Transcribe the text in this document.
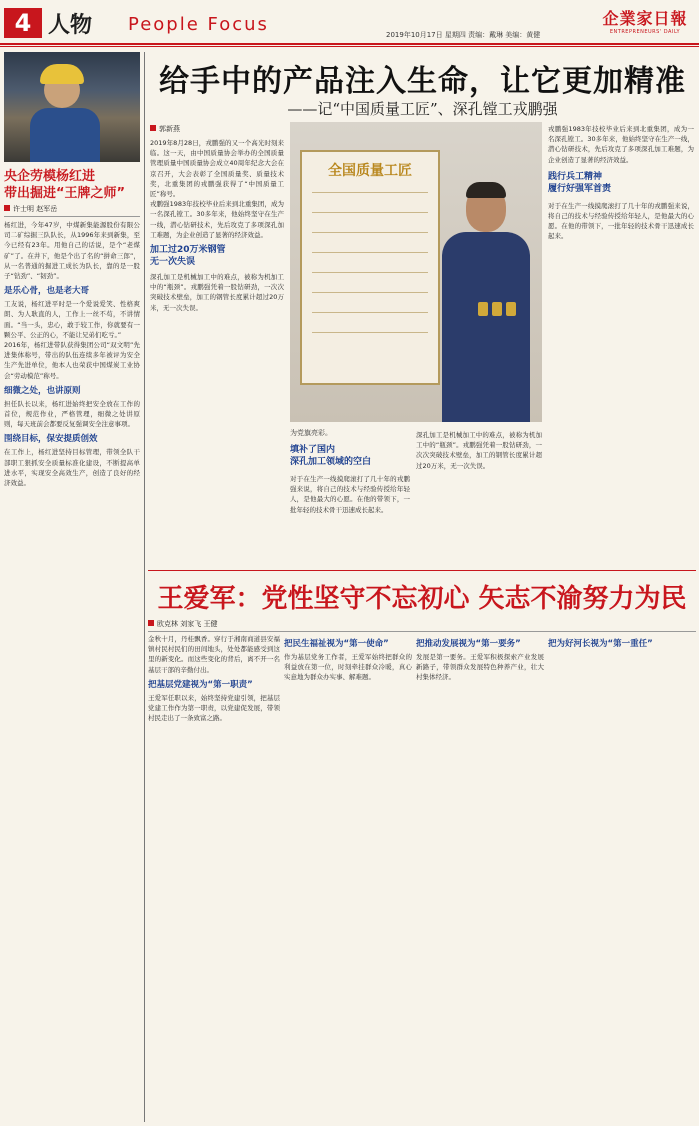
4 人物 People Focus	2019年10月17日 星期四 责编：戴琳 美编：黄健
企業家日報
ENTREPRENEURS' DAILY
央企劳模杨红进
带出掘进“王牌之师”
许士明 赵军岳

杨红进，今年47岁，中煤新集能源股份有限公司二矿综掘三队队长，从1996年来到新集，至今已经有23年。用他自己的话说，是个“老煤矿”了。在井下，他是个出了名的“拼命三郎”，从一名普通的掘进工成长为队长，靠的是一股子“钻劲”、“韧劲”。

是乐心骨，也是老大哥

工友说，杨红进平时是一个爱说爱笑、性格爽朗、为人耿直的人，工作上一丝不苟，不讲情面。“当一头，忠心，敢于较工作，你就要有一颗公平、公正的心，不能让兄弟们吃亏。”

2016年，杨红进带队获得集团公司“双文明”先进集体称号，带出的队伍连续多年被评为安全生产先进单位，他本人也荣获中国煤炭工业协会“劳动模范”称号。

细微之处，也讲原则

担任队长以来，杨红进始终把安全放在工作的首位，规范作业，严格管理，细微之处讲原则，每天班前会都要反复强调安全注意事项。

围绕目标，保安提质创效

在工作上，杨红进坚持目标管理，带领全队干部职工狠抓安全质量标准化建设，不断提高单进水平，实现安全高效生产，创造了良好的经济效益。

给手中的产品注入生命，让它更加精准
——记“中国质量工匠”、深孔镗工戎鹏强
郭新燕

2019年8月28日，戎鹏强的又一个高光时刻来临。这一天，由中国质量协会举办的全国质量管理质量中国质量协会成立40周年纪念大会在京召开，大会表彰了全国质量奖、质量技术奖，北重集团的戎鹏强获得了“中国质量工匠”称号。

戎鹏强1983年技校毕业后来到北重集团，成为一名深孔镗工。30多年来，他始终坚守在生产一线，潜心钻研技术，先后攻克了多项深孔加工难题，为企业创造了显著的经济效益。

加工过20万米钢管
无一次失误

深孔加工是机械加工中的难点，被称为机加工中的“瓶颈”。戎鹏强凭着一股钻研劲，一次次突破技术壁垒，加工的钢管长度累计超过20万米，无一次失误。

全国质量工匠
为党旗亮彩。
填补了国内
深孔加工领域的空白

对于在生产一线摸爬滚打了几十年的戎鹏强来说，将自己的技术与经验传授给年轻人，是他最大的心愿。在他的带领下，一批年轻的技术骨干迅速成长起来。

深孔加工是机械加工中的难点，被称为机加工中的“瓶颈”。戎鹏强凭着一股钻研劲，一次次突破技术壁垒，加工的钢管长度累计超过20万米，无一次失误。

戎鹏强1983年技校毕业后来到北重集团，成为一名深孔镗工。30多年来，他始终坚守在生产一线，潜心钻研技术，先后攻克了多项深孔加工难题，为企业创造了显著的经济效益。

践行兵工精神
履行好强军首责

对于在生产一线摸爬滚打了几十年的戎鹏强来说，将自己的技术与经验传授给年轻人，是他最大的心愿。在他的带领下，一批年轻的技术骨干迅速成长起来。

王爱军：党性坚守不忘初心 矢志不渝努力为民
欧克林 刘家飞 王健

金秋十月，丹桂飘香。穿行于湘南商道县安福镇村民村民们的田间地头，处处都能感受到这里的新变化。而这些变化的背后，离不开一名基层干部的辛勤付出。

把基层党建视为“第一职责”

王爱军任职以来，始终坚持党建引领，把基层党建工作作为第一职责，以党建促发展，带领村民走出了一条致富之路。

把民生福祉视为“第一使命”

作为基层党务工作者，王爱军始终把群众的利益放在第一位，时刻牵挂群众冷暖，真心实意地为群众办实事、解难题。

把推动发展视为“第一要务”

发展是第一要务。王爱军积极探索产业发展新路子，带领群众发展特色种养产业，壮大村集体经济。

把为好河长视为“第一重任”
